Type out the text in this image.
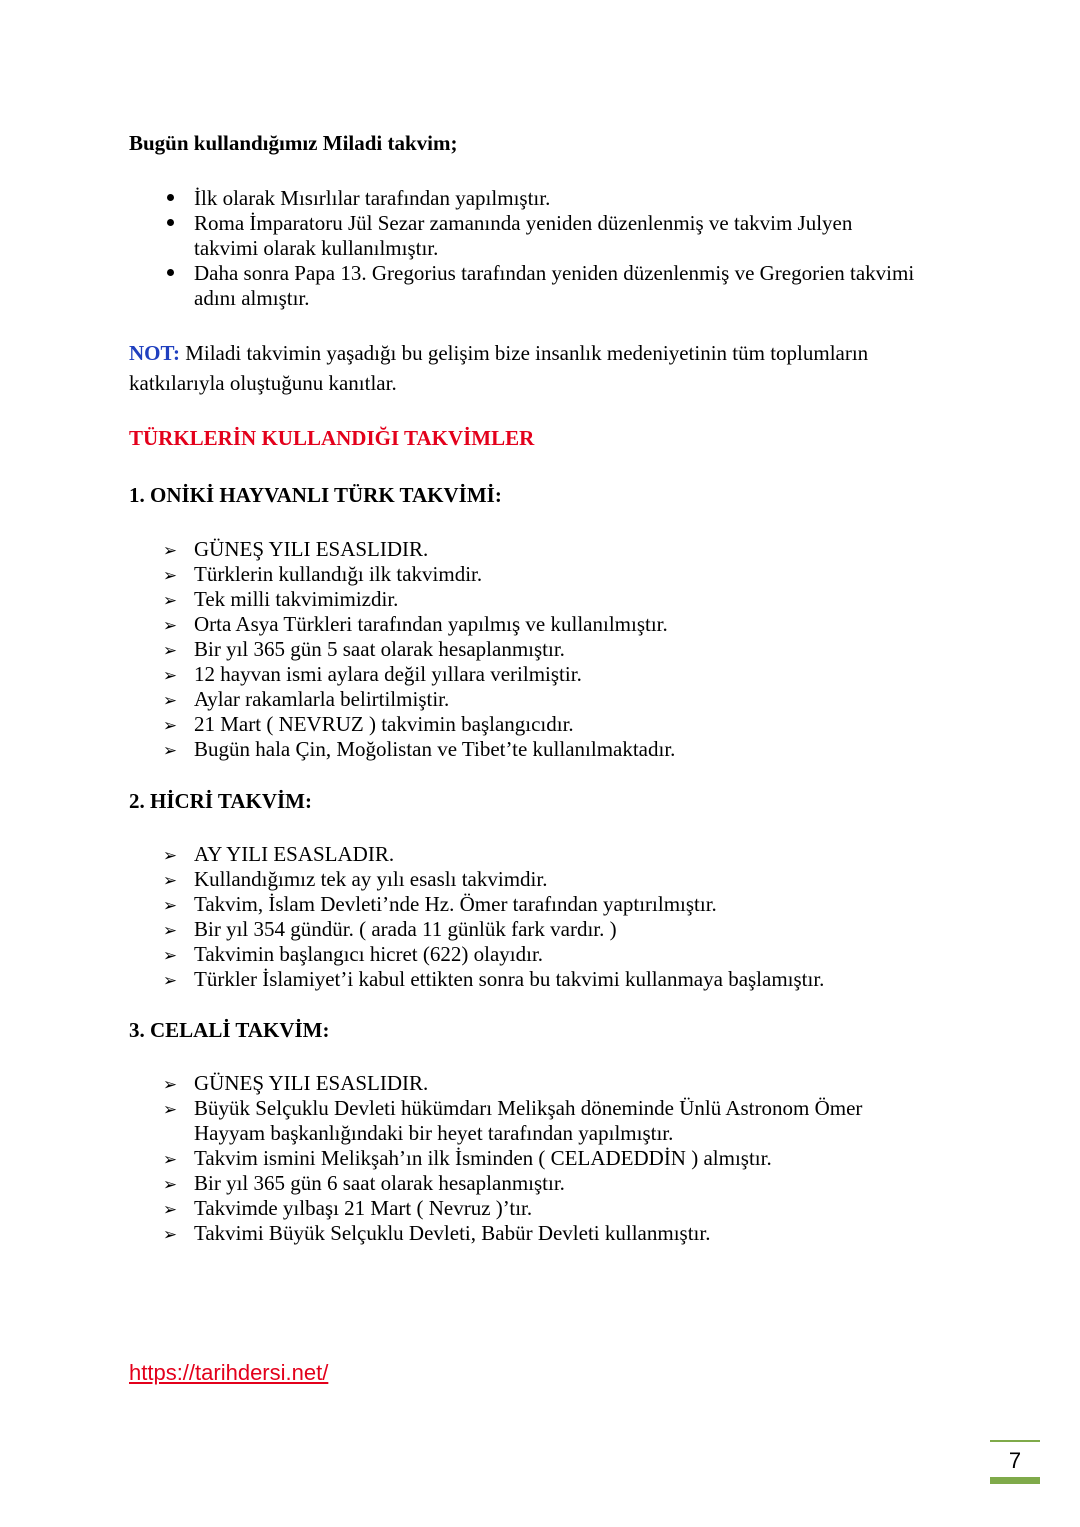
Bugün kullandığımız Miladi takvim;
İlk olarak Mısırlılar tarafından yapılmıştır.
Roma İmparatoru Jül Sezar zamanında yeniden düzenlenmiş ve takvim Julyen takvimi olarak kullanılmıştır.
Daha sonra Papa 13. Gregorius tarafından yeniden düzenlenmiş ve Gregorien takvimi adını almıştır.

NOT: Miladi takvimin yaşadığı bu gelişim bize insanlık medeniyetinin tüm toplumların katkılarıyla oluştuğunu kanıtlar.

TÜRKLERİN KULLANDIĞI TAKVİMLER
1. ONİKİ HAYVANLI TÜRK TAKVİMİ:
➢ GÜNEŞ YILI ESASLIDIR.
➢ Türklerin kullandığı ilk takvimdir.
➢ Tek milli takvimimizdir.
➢ Orta Asya Türkleri tarafından yapılmış ve kullanılmıştır.
➢ Bir yıl 365 gün 5 saat olarak hesaplanmıştır.
➢ 12 hayvan ismi aylara değil yıllara verilmiştir.
➢ Aylar rakamlarla belirtilmiştir.
➢ 21 Mart ( NEVRUZ ) takvimin başlangıcıdır.
➢ Bugün hala Çin, Moğolistan ve Tibet’te kullanılmaktadır.
2. HİCRİ TAKVİM:
➢ AY YILI ESASLADIR.
➢ Kullandığımız tek ay yılı esaslı takvimdir.
➢ Takvim, İslam Devleti’nde Hz. Ömer tarafından yaptırılmıştır.
➢ Bir yıl 354 gündür. ( arada 11 günlük fark vardır. )
➢ Takvimin başlangıcı hicret (622) olayıdır.
➢ Türkler İslamiyet’i kabul ettikten sonra bu takvimi kullanmaya başlamıştır.
3. CELALİ TAKVİM:
➢ GÜNEŞ YILI ESASLIDIR.
➢ Büyük Selçuklu Devleti hükümdarı Melikşah döneminde Ünlü Astronom Ömer Hayyam başkanlığındaki bir heyet tarafından yapılmıştır.
➢ Takvim ismini Melikşah’ın ilk İsminden ( CELADEDDİN ) almıştır.
➢ Bir yıl 365 gün 6 saat olarak hesaplanmıştır.
➢ Takvimde yılbaşı 21 Mart ( Nevruz )’tır.
➢ Takvimi Büyük Selçuklu Devleti, Babür Devleti kullanmıştır.
https://tarihdersi.net/
7
